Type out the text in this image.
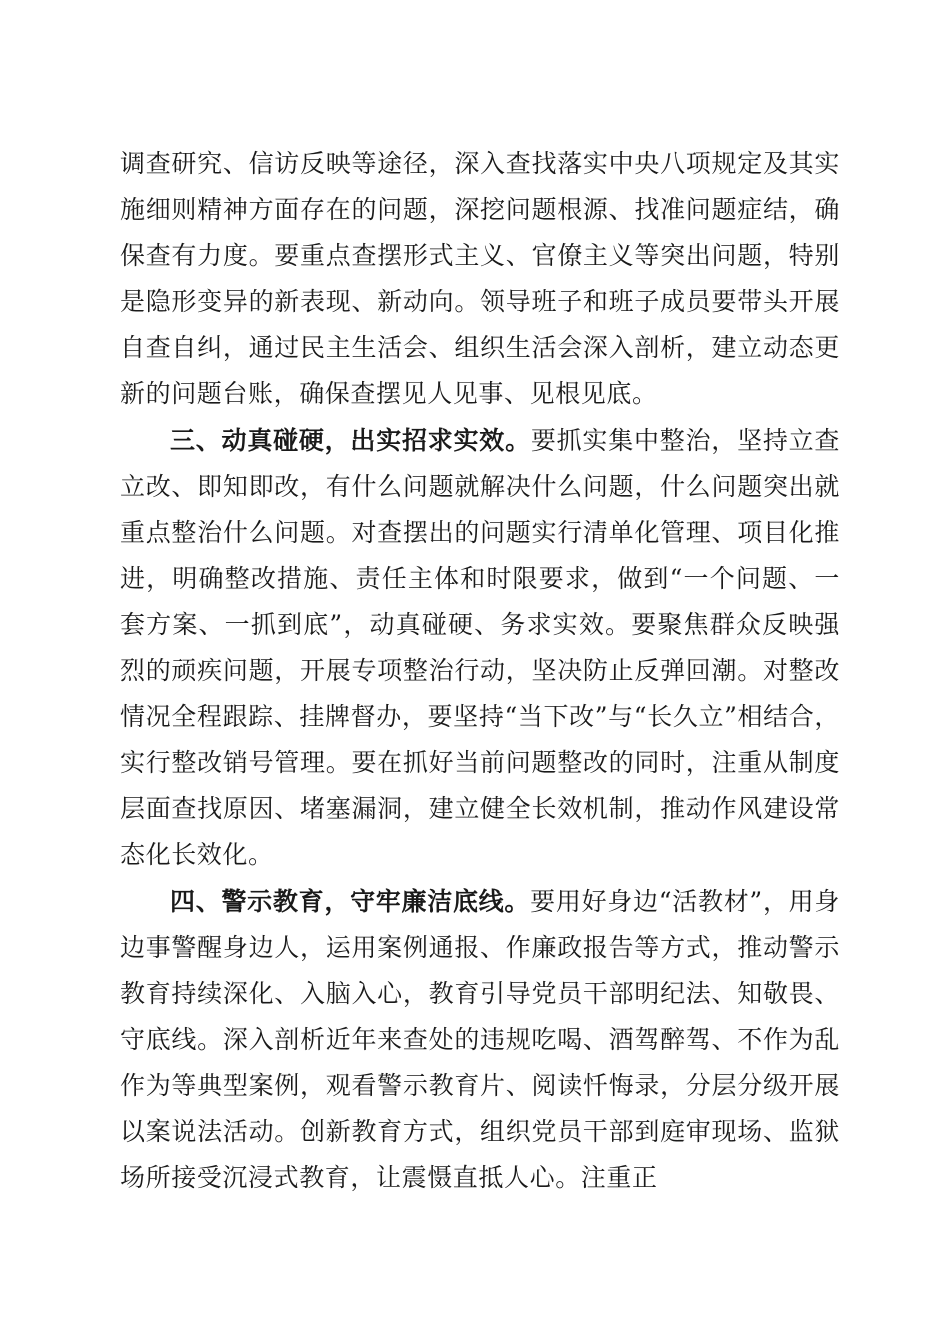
调查研究、信访反映等途径，深入查找落实中央八项规定及其实施细则精神方面存在的问题，深挖问题根源、找准问题症结，确保查有力度。要重点查摆形式主义、官僚主义等突出问题，特别是隐形变异的新表现、新动向。领导班子和班子成员要带头开展自查自纠，通过民主生活会、组织生活会深入剖析，建立动态更新的问题台账，确保查摆见人见事、见根见底。

三、动真碰硬，出实招求实效。要抓实集中整治，坚持立查立改、即知即改，有什么问题就解决什么问题，什么问题突出就重点整治什么问题。对查摆出的问题实行清单化管理、项目化推进，明确整改措施、责任主体和时限要求，做到“一个问题、一套方案、一抓到底”，动真碰硬、务求实效。要聚焦群众反映强烈的顽疾问题，开展专项整治行动，坚决防止反弹回潮。对整改情况全程跟踪、挂牌督办，要坚持“当下改”与“长久立”相结合，实行整改销号管理。要在抓好当前问题整改的同时，注重从制度层面查找原因、堵塞漏洞，建立健全长效机制，推动作风建设常态化长效化。

四、警示教育，守牢廉洁底线。要用好身边“活教材”，用身边事警醒身边人，运用案例通报、作廉政报告等方式，推动警示教育持续深化、入脑入心，教育引导党员干部明纪法、知敬畏、守底线。深入剖析近年来查处的违规吃喝、酒驾醉驾、不作为乱作为等典型案例，观看警示教育片、阅读忏悔录，分层分级开展以案说法活动。创新教育方式，组织党员干部到庭审现场、监狱场所接受沉浸式教育，让震慑直抵人心。注重正
